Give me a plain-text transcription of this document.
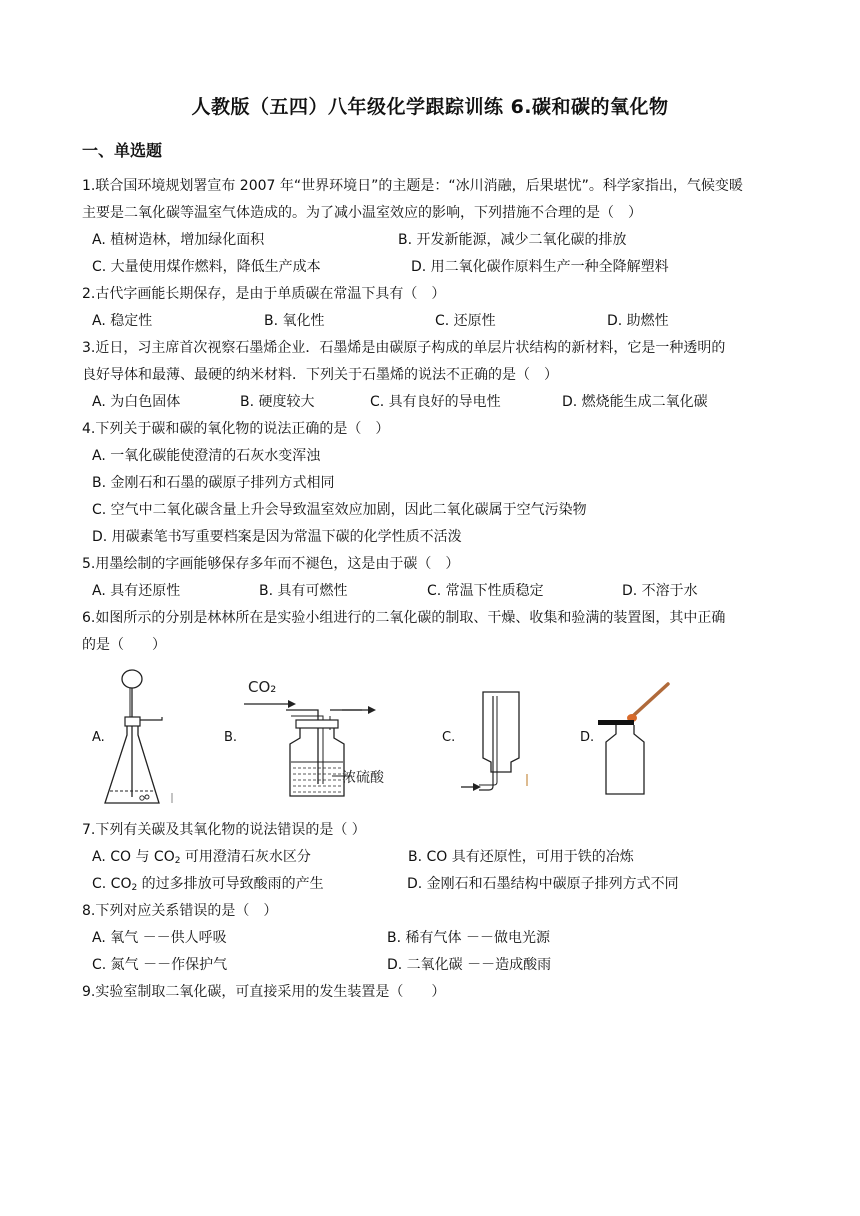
人教版（五四）八年级化学跟踪训练 6.碳和碳的氧化物
一、单选题
1.联合国环境规划署宣布 2007 年“世界环境日”的主题是：“冰川消融，后果堪忧”。科学家指出，气候变暖
主要是二氧化碳等温室气体造成的。为了减小温室效应的影响，下列措施不合理的是（　）
A. 植树造林，增加绿化面积	B. 开发新能源，减少二氧化碳的排放
C. 大量使用煤作燃料，降低生产成本	D. 用二氧化碳作原料生产一种全降解塑料
2.古代字画能长期保存，是由于单质碳在常温下具有（　）
A. 稳定性	B. 氧化性	C. 还原性	D. 助燃性
3.近日，习主席首次视察石墨烯企业．石墨烯是由碳原子构成的单层片状结构的新材料，它是一种透明的
良好导体和最薄、最硬的纳米材料．下列关于石墨烯的说法不正确的是（　）
A. 为白色固体	B. 硬度较大	C. 具有良好的导电性	D. 燃烧能生成二氧化碳
4.下列关于碳和碳的氧化物的说法正确的是（　）
A. 一氧化碳能使澄清的石灰水变浑浊
B. 金刚石和石墨的碳原子排列方式相同
C. 空气中二氧化碳含量上升会导致温室效应加剧，因此二氧化碳属于空气污染物
D. 用碳素笔书写重要档案是因为常温下碳的化学性质不活泼
5.用墨绘制的字画能够保存多年而不褪色，这是由于碳（　）
A. 具有还原性	B. 具有可燃性	C. 常温下性质稳定	D. 不溶于水
6.如图所示的分别是林林所在是实验小组进行的二氧化碳的制取、干燥、收集和验满的装置图，其中正确
的是（　　）
A.	B.	C.	D.
CO₂
浓硫酸
7.下列有关碳及其氧化物的说法错误的是（ ）
A. CO 与 $CO_2$ 可用澄清石灰水区分	B. CO 具有还原性，可用于铁的冶炼
C. $CO_2$ 的过多排放可导致酸雨的产生	D. 金刚石和石墨结构中碳原子排列方式不同
8.下列对应关系错误的是（　）
A. 氧气 －－供人呼吸	B. 稀有气体 －－做电光源
C. 氮气 －－作保护气	D. 二氧化碳 －－造成酸雨
9.实验室制取二氧化碳，可直接采用的发生装置是（　　）
